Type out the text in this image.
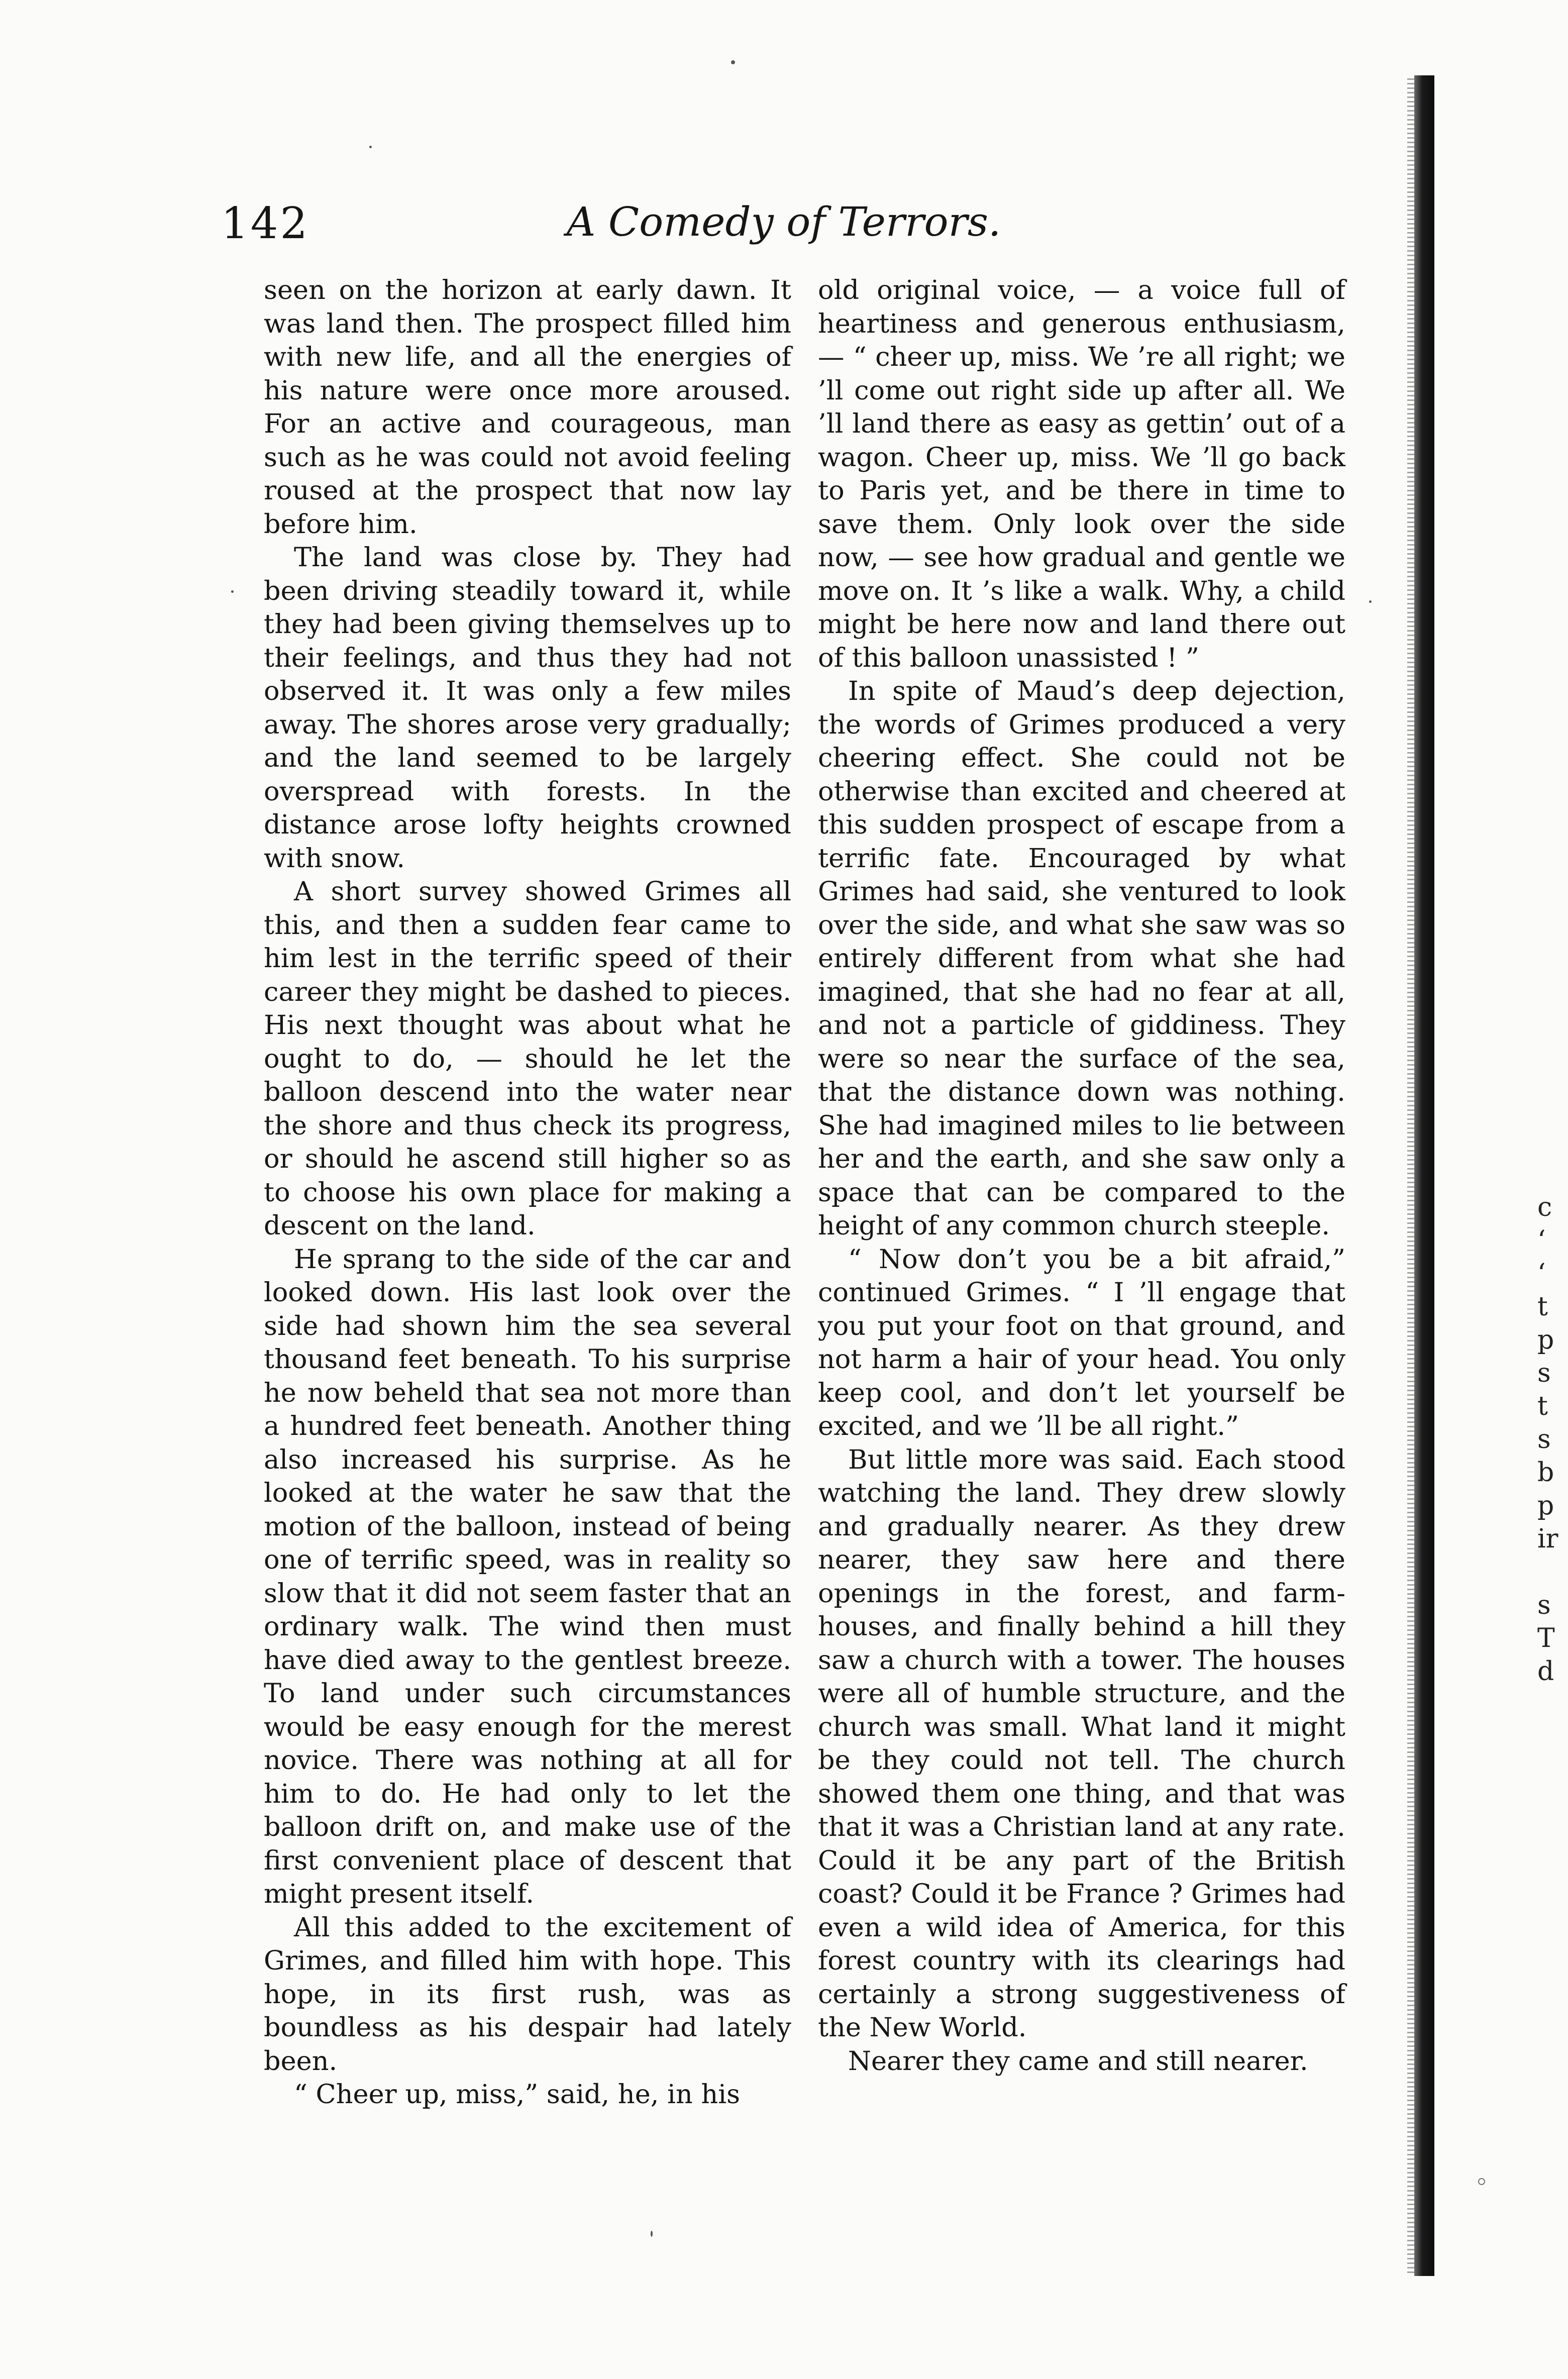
142	A Comedy of Terrors.

seen on the horizon at early dawn. It was land then. The prospect filled him with new life, and all the energies of his nature were once more aroused. For an active and courageous, man such as he was could not avoid feeling roused at the prospect that now lay before him.

The land was close by. They had been driving steadily toward it, while they had been giving themselves up to their feelings, and thus they had not observed it. It was only a few miles away. The shores arose very gradually; and the land seemed to be largely overspread with forests. In the distance arose lofty heights crowned with snow.

A short survey showed Grimes all this, and then a sudden fear came to him lest in the terrific speed of their career they might be dashed to pieces. His next thought was about what he ought to do, — should he let the balloon descend into the water near the shore and thus check its progress, or should he ascend still higher so as to choose his own place for making a descent on the land.

He sprang to the side of the car and looked down. His last look over the side had shown him the sea several thousand feet beneath. To his surprise he now beheld that sea not more than a hundred feet beneath. Another thing also increased his surprise. As he looked at the water he saw that the motion of the balloon, instead of being one of terrific speed, was in reality so slow that it did not seem faster that an ordinary walk. The wind then must have died away to the gentlest breeze. To land under such circumstances would be easy enough for the merest novice. There was nothing at all for him to do. He had only to let the balloon drift on, and make use of the first convenient place of descent that might present itself.

All this added to the excitement of Grimes, and filled him with hope. This hope, in its first rush, was as boundless as his despair had lately been.

“ Cheer up, miss,” said, he, in his

old original voice, — a voice full of heartiness and generous enthusiasm, — “ cheer up, miss. We ’re all right; we ’ll come out right side up after all. We ’ll land there as easy as gettin’ out of a wagon. Cheer up, miss. We ’ll go back to Paris yet, and be there in time to save them. Only look over the side now, — see how gradual and gentle we move on. It ’s like a walk. Why, a child might be here now and land there out of this balloon unassisted ! ”

In spite of Maud’s deep dejection, the words of Grimes produced a very cheering effect. She could not be otherwise than excited and cheered at this sudden prospect of escape from a terrific fate. Encouraged by what Grimes had said, she ventured to look over the side, and what she saw was so entirely different from what she had imagined, that she had no fear at all, and not a particle of giddiness. They were so near the surface of the sea, that the distance down was nothing. She had imagined miles to lie between her and the earth, and she saw only a space that can be compared to the height of any common church steeple.

“ Now don’t you be a bit afraid,” continued Grimes. “ I ’ll engage that you put your foot on that ground, and not harm a hair of your head. You only keep cool, and don’t let yourself be excited, and we ’ll be all right.”

But little more was said. Each stood watching the land. They drew slowly and gradually nearer. As they drew nearer, they saw here and there openings in the forest, and farm-houses, and finally behind a hill they saw a church with a tower. The houses were all of humble structure, and the church was small. What land it might be they could not tell. The church showed them one thing, and that was that it was a Christian land at any rate. Could it be any part of the British coast? Could it be France ? Grimes had even a wild idea of America, for this forest country with its clearings had certainly a strong suggestiveness of the New World.

Nearer they came and still nearer.

c
‘
‘
t
p
s
t
s
b
p
ir

s
T
d
